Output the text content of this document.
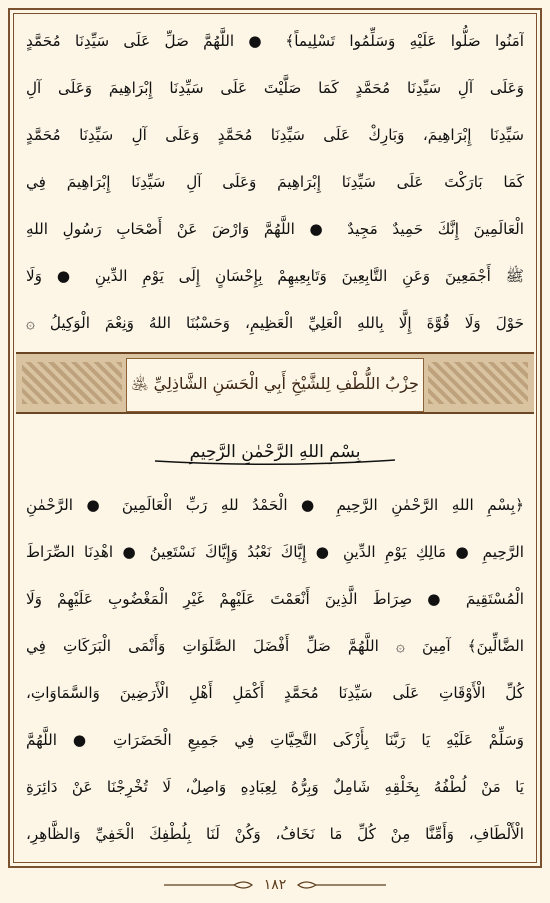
آمَنُوا صَلُّوا عَلَيْهِ وَسَلِّمُوا تَسْلِيماً﴾ ● اللَّهُمَّ صَلِّ عَلَى سَيِّدِنَا مُحَمَّدٍ
وَعَلَى آلِ سَيِّدِنَا مُحَمَّدٍ كَمَا صَلَّيْتَ عَلَى سَيِّدِنَا إِبْرَاهِيمَ وَعَلَى آلِ
سَيِّدِنَا إِبْرَاهِيمَ، وَبَارِكْ عَلَى سَيِّدِنَا مُحَمَّدٍ وَعَلَى آلِ سَيِّدِنَا مُحَمَّدٍ
كَمَا بَارَكْتَ عَلَى سَيِّدِنَا إِبْرَاهِيمَ وَعَلَى آلِ سَيِّدِنَا إِبْرَاهِيمَ فِي
الْعَالَمِينَ إِنَّكَ حَمِيدٌ مَجِيدٌ ● اللَّهُمَّ وَارْضَ عَنْ أَصْحَابِ رَسُولِ اللهِ
ﷺ أَجْمَعِينَ وَعَنِ التَّابِعِينَ وَتَابِعِيهِمْ بِإِحْسَانٍ إِلَى يَوْمِ الدِّينِ ● وَلَا
حَوْلَ وَلَا قُوَّةَ إِلَّا بِاللهِ الْعَلِيِّ الْعَظِيمِ، وَحَسْبُنَا اللهُ وَنِعْمَ الْوَكِيلُ ۞
حِزْبُ اللُّطْفِ لِلشَّيْخِ أَبِي الْحَسَنِ الشَّاذِلِيِّ ﵁
بِسْمِ اللهِ الرَّحْمٰنِ الرَّحِيمِ
﴿بِسْمِ اللهِ الرَّحْمٰنِ الرَّحِيمِ ● الْحَمْدُ للهِ رَبِّ الْعَالَمِينَ ● الرَّحْمٰنِ
الرَّحِيمِ ● مَالِكِ يَوْمِ الدِّينِ ● إِيَّاكَ نَعْبُدُ وَإِيَّاكَ نَسْتَعِينُ ● اهْدِنَا الصِّرَاطَ
الْمُسْتَقِيمَ ● صِرَاطَ الَّذِينَ أَنْعَمْتَ عَلَيْهِمْ غَيْرِ الْمَغْضُوبِ عَلَيْهِمْ وَلَا
الضَّالِّينَ﴾ آمِينَ ۞ اللَّهُمَّ صَلِّ أَفْضَلَ الصَّلَوَاتِ وَأَنْمَى الْبَرَكَاتِ فِي
كُلِّ الْأَوْقَاتِ عَلَى سَيِّدِنَا مُحَمَّدٍ أَكْمَلِ أَهْلِ الْأَرَضِينَ وَالسَّمَاوَاتِ،
وَسَلِّمْ عَلَيْهِ يَا رَبَّنَا بِأَزْكَى التَّحِيَّاتِ فِي جَمِيعِ الْحَضَرَاتِ ● اللَّهُمَّ
يَا مَنْ لُطْفُهُ بِخَلْقِهِ شَامِلٌ وَبِرُّهُ لِعِبَادِهِ وَاصِلٌ، لَا تُخْرِجْنَا عَنْ دَائِرَةِ
الْأَلْطَافِ، وَأَمِّنَّا مِنْ كُلِّ مَا نَخَافُ، وَكُنْ لَنَا بِلُطْفِكَ الْخَفِيِّ وَالظَّاهِرِ،
١٨٢
